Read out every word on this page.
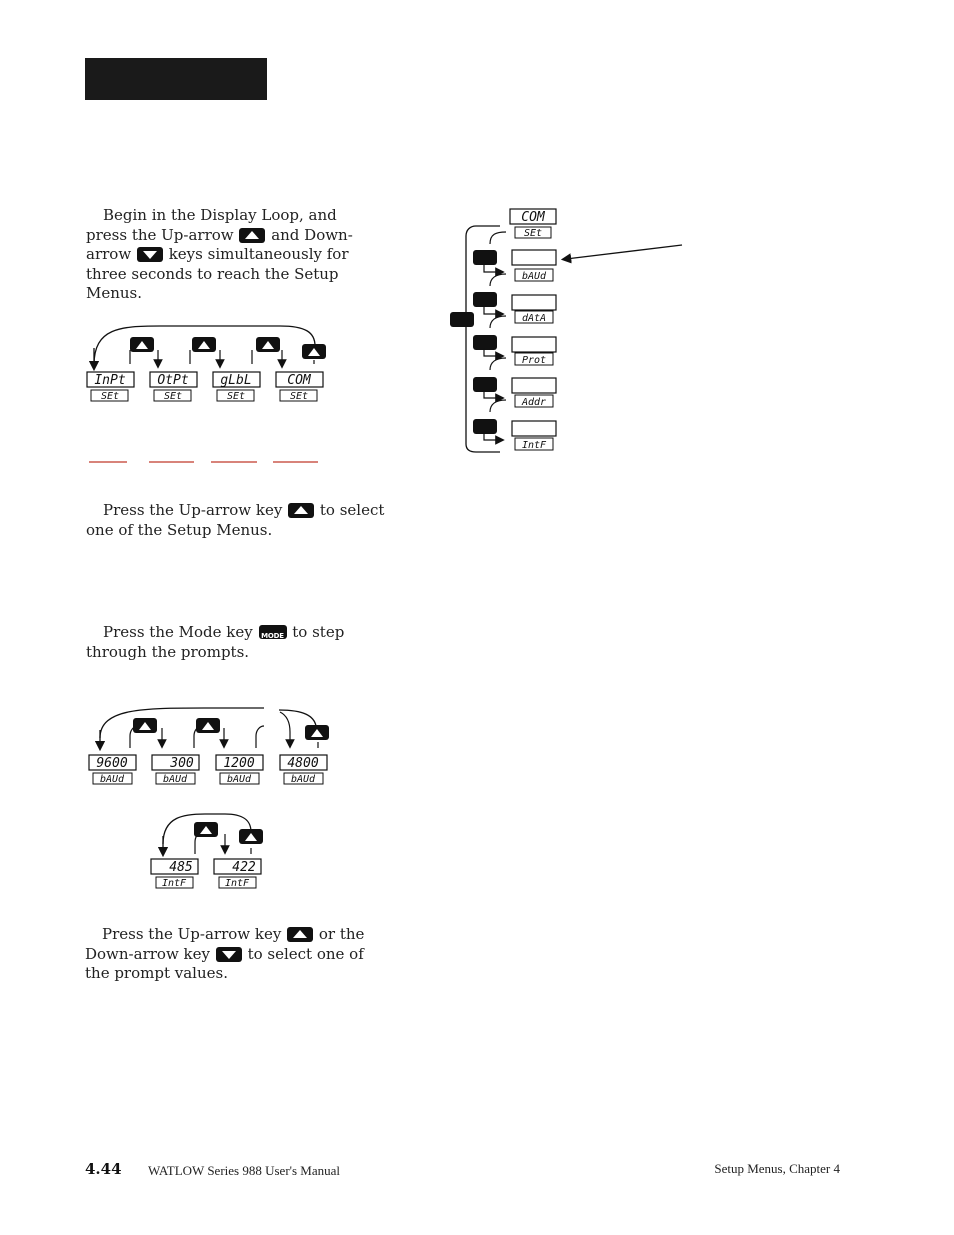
Begin in the Display Loop, and press the Up-arrow	and Down-arrow	keys simultaneously for three seconds to reach the Setup Menus.
InPt
SEt
OtPt
SEt
gLbL
SEt
COM
SEt
Press the Up-arrow key	to select one of the Setup Menus.
Press the Mode key	MODE to step through the prompts.
9600
bAUd
300
bAUd
1200
bAUd
4800
bAUd
485
IntF
422
IntF
Press the Up-arrow key	or the Down-arrow key	to select one of the prompt values.
COM
SEt
bAUd
dAtA
Prot
Addr
IntF
4.44 WATLOW Series 988 User's Manual	Setup Menus, Chapter 4
